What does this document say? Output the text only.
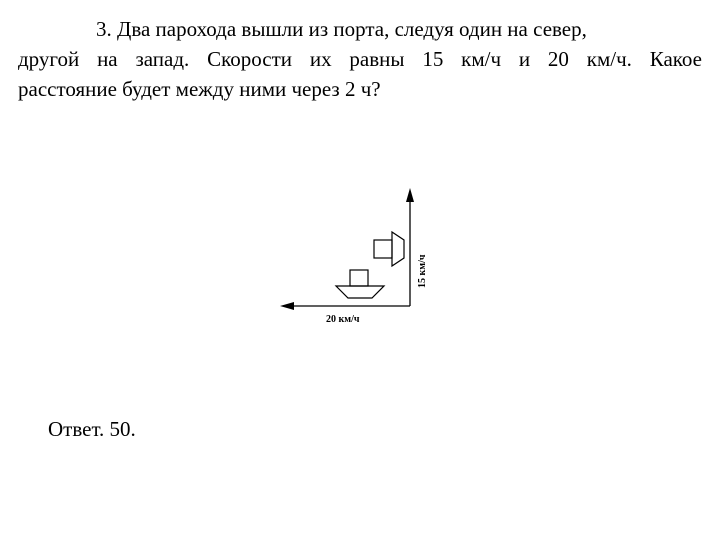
3. Два парохода вышли из порта, следуя один на север,
другой на запад. Скорости их равны 15 км/ч и 20 км/ч. Какое
расстояние будет между ними через 2 ч?
15 км/ч
20 км/ч

Ответ. 50.
